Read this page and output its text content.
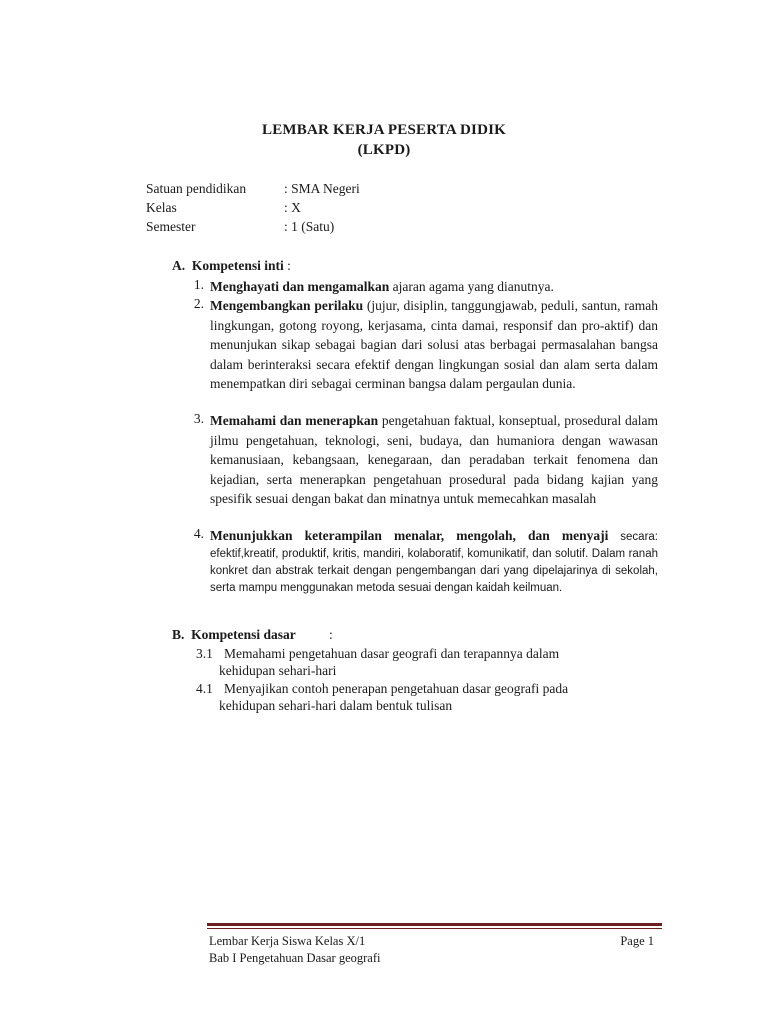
LEMBAR KERJA PESERTA DIDIK
(LKPD)
Satuan pendidikan	: SMA Negeri
Kelas	: X
Semester	: 1 (Satu)
A. Kompetensi inti :
1. Menghayati dan mengamalkan ajaran agama yang dianutnya.
2. Mengembangkan perilaku (jujur, disiplin, tanggungjawab, peduli, santun, ramah lingkungan, gotong royong, kerjasama, cinta damai, responsif dan pro-aktif) dan menunjukan sikap sebagai bagian dari solusi atas berbagai permasalahan bangsa dalam berinteraksi secara efektif dengan lingkungan sosial dan alam serta dalam menempatkan diri sebagai cerminan bangsa dalam pergaulan dunia.
3. Memahami dan menerapkan pengetahuan faktual, konseptual, prosedural dalam jilmu pengetahuan, teknologi, seni, budaya, dan humaniora dengan wawasan kemanusiaan, kebangsaan, kenegaraan, dan peradaban terkait fenomena dan kejadian, serta menerapkan pengetahuan prosedural pada bidang kajian yang spesifik sesuai dengan bakat dan minatnya untuk memecahkan masalah
4. Menunjukkan keterampilan menalar, mengolah, dan menyaji secara: efektif,kreatif, produktif, kritis, mandiri, kolaboratif, komunikatif, dan solutif. Dalam ranah konkret dan abstrak terkait dengan pengembangan dari yang dipelajarinya di sekolah, serta mampu menggunakan metoda sesuai dengan kaidah keilmuan.
B. Kompetensi dasar :
3.1 Memahami pengetahuan dasar geografi dan terapannya dalam
kehidupan sehari-hari
4.1 Menyajikan contoh penerapan pengetahuan dasar geografi pada
kehidupan sehari-hari dalam bentuk tulisan
Lembar Kerja Siswa Kelas X/1
Bab I Pengetahuan Dasar geografi
Page 1
